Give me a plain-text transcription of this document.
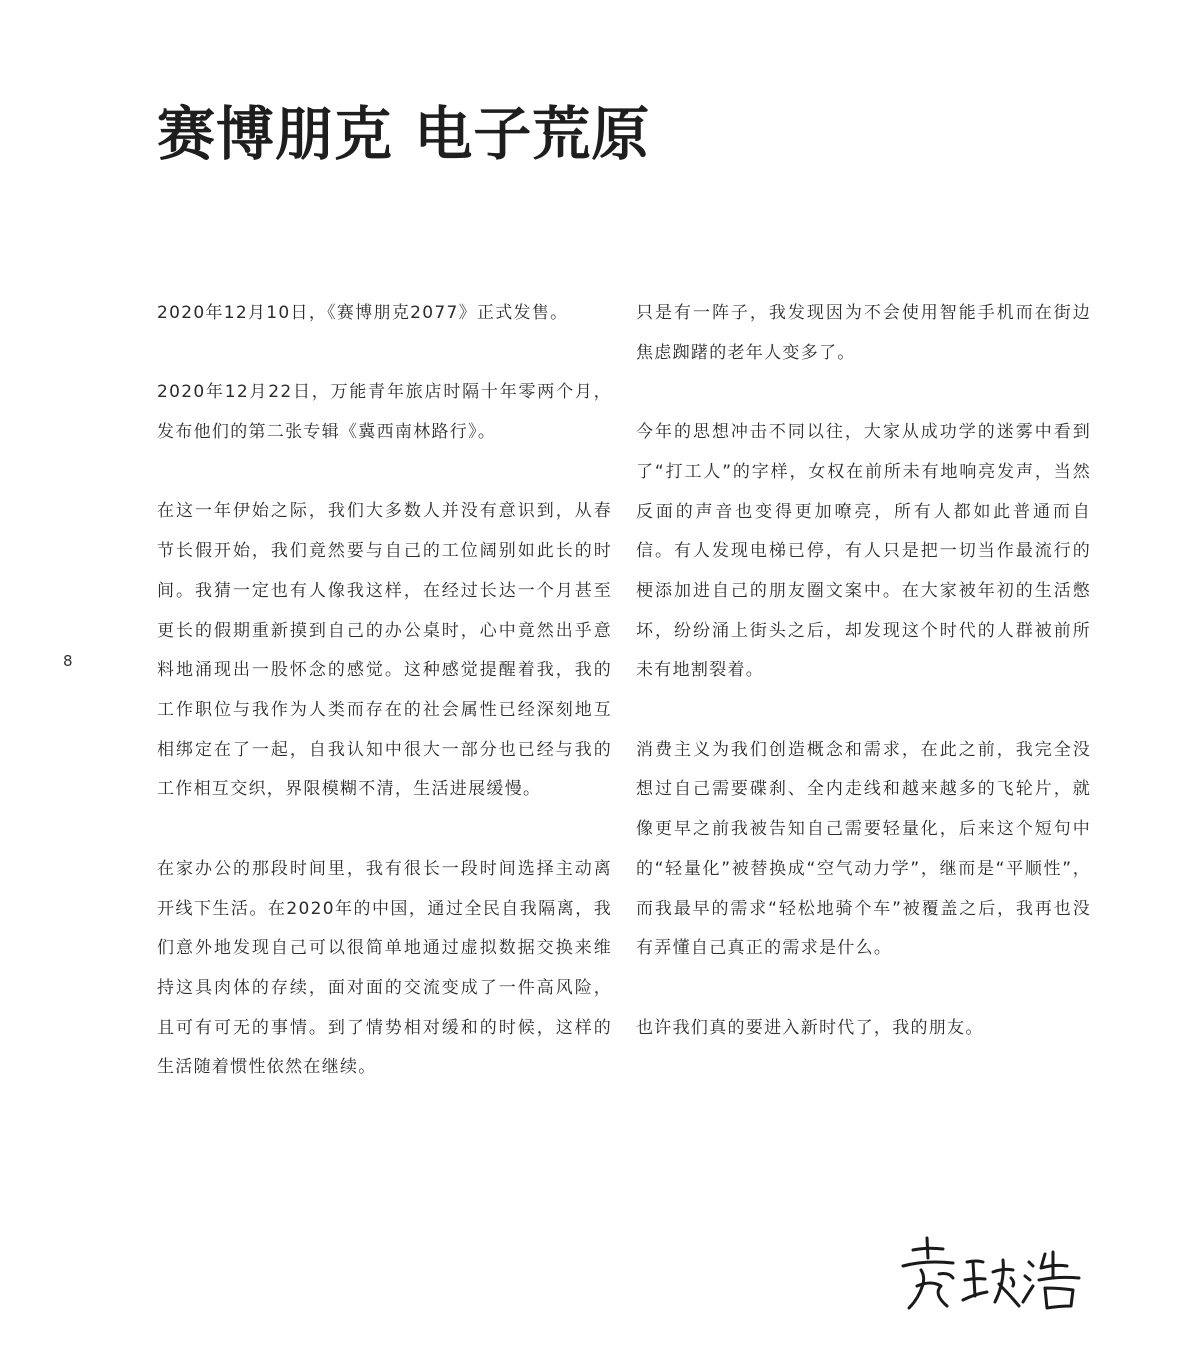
赛博朋克 电子荒原
8

2020年12月10日，《赛博朋克2077》正式发售。

2020年12月22日，万能青年旅店时隔十年零两个月，发布他们的第二张专辑《冀西南林路行》。

在这一年伊始之际，我们大多数人并没有意识到，从春节长假开始，我们竟然要与自己的工位阔别如此长的时间。我猜一定也有人像我这样，在经过长达一个月甚至更长的假期重新摸到自己的办公桌时，心中竟然出乎意料地涌现出一股怀念的感觉。这种感觉提醒着我，我的工作职位与我作为人类而存在的社会属性已经深刻地互相绑定在了一起，自我认知中很大一部分也已经与我的工作相互交织，界限模糊不清，生活进展缓慢。

在家办公的那段时间里，我有很长一段时间选择主动离开线下生活。在2020年的中国，通过全民自我隔离，我们意外地发现自己可以很简单地通过虚拟数据交换来维持这具肉体的存续，面对面的交流变成了一件高风险，且可有可无的事情。到了情势相对缓和的时候，这样的生活随着惯性依然在继续。

只是有一阵子，我发现因为不会使用智能手机而在街边焦虑踟躇的老年人变多了。

今年的思想冲击不同以往，大家从成功学的迷雾中看到了“打工人”的字样，女权在前所未有地响亮发声，当然反面的声音也变得更加嘹亮，所有人都如此普通而自信。有人发现电梯已停，有人只是把一切当作最流行的梗添加进自己的朋友圈文案中。在大家被年初的生活憋坏，纷纷涌上街头之后，却发现这个时代的人群被前所未有地割裂着。

消费主义为我们创造概念和需求，在此之前，我完全没想过自己需要碟刹、全内走线和越来越多的飞轮片，就像更早之前我被告知自己需要轻量化，后来这个短句中的“轻量化”被替换成“空气动力学”，继而是“平顺性”，而我最早的需求“轻松地骑个车”被覆盖之后，我再也没有弄懂自己真正的需求是什么。

也许我们真的要进入新时代了，我的朋友。
